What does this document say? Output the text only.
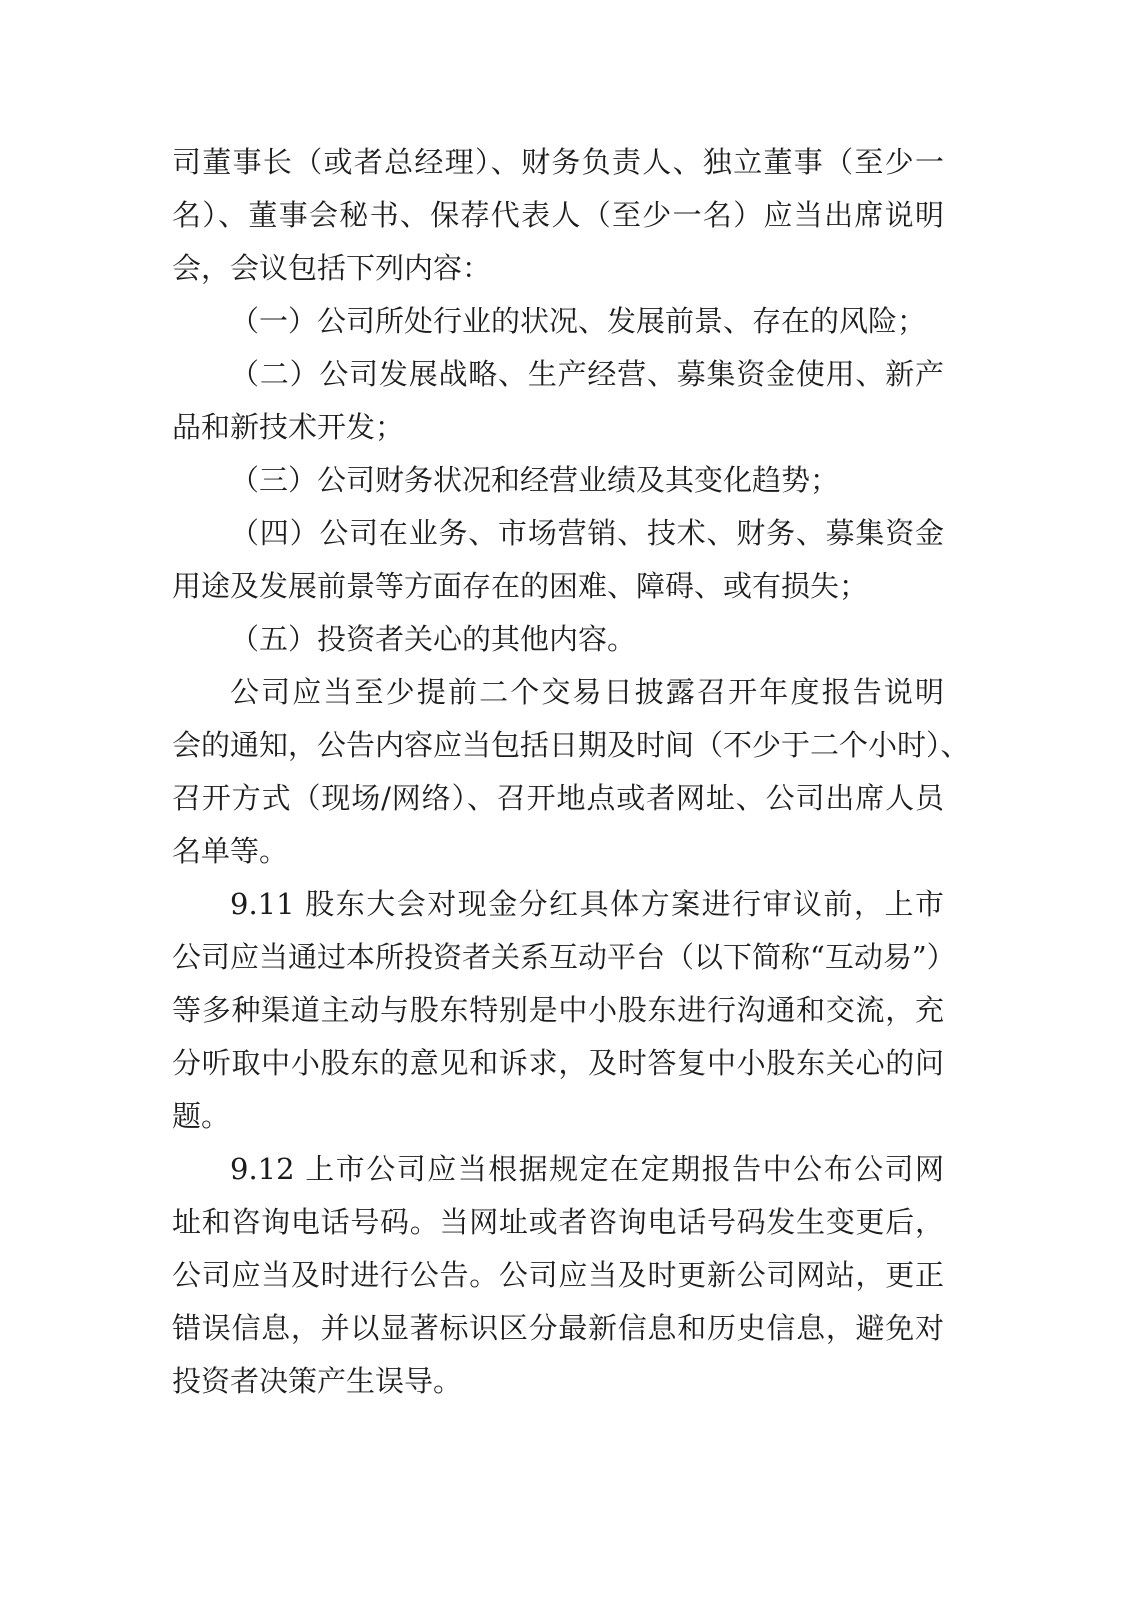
司董事长（或者总经理）、财务负责人、独立董事（至少一
名）、董事会秘书、保荐代表人（至少一名）应当出席说明
会，会议包括下列内容：
（一）公司所处行业的状况、发展前景、存在的风险；
（二）公司发展战略、生产经营、募集资金使用、新产
品和新技术开发；
（三）公司财务状况和经营业绩及其变化趋势；
（四）公司在业务、市场营销、技术、财务、募集资金
用途及发展前景等方面存在的困难、障碍、或有损失；
（五）投资者关心的其他内容。
公司应当至少提前二个交易日披露召开年度报告说明
会的通知，公告内容应当包括日期及时间（不少于二个小时）、
召开方式（现场/网络）、召开地点或者网址、公司出席人员
名单等。
9.11 股东大会对现金分红具体方案进行审议前，上市
公司应当通过本所投资者关系互动平台（以下简称“互动易”）
等多种渠道主动与股东特别是中小股东进行沟通和交流，充
分听取中小股东的意见和诉求，及时答复中小股东关心的问
题。
9.12 上市公司应当根据规定在定期报告中公布公司网
址和咨询电话号码。当网址或者咨询电话号码发生变更后，
公司应当及时进行公告。公司应当及时更新公司网站，更正
错误信息，并以显著标识区分最新信息和历史信息，避免对
投资者决策产生误导。
